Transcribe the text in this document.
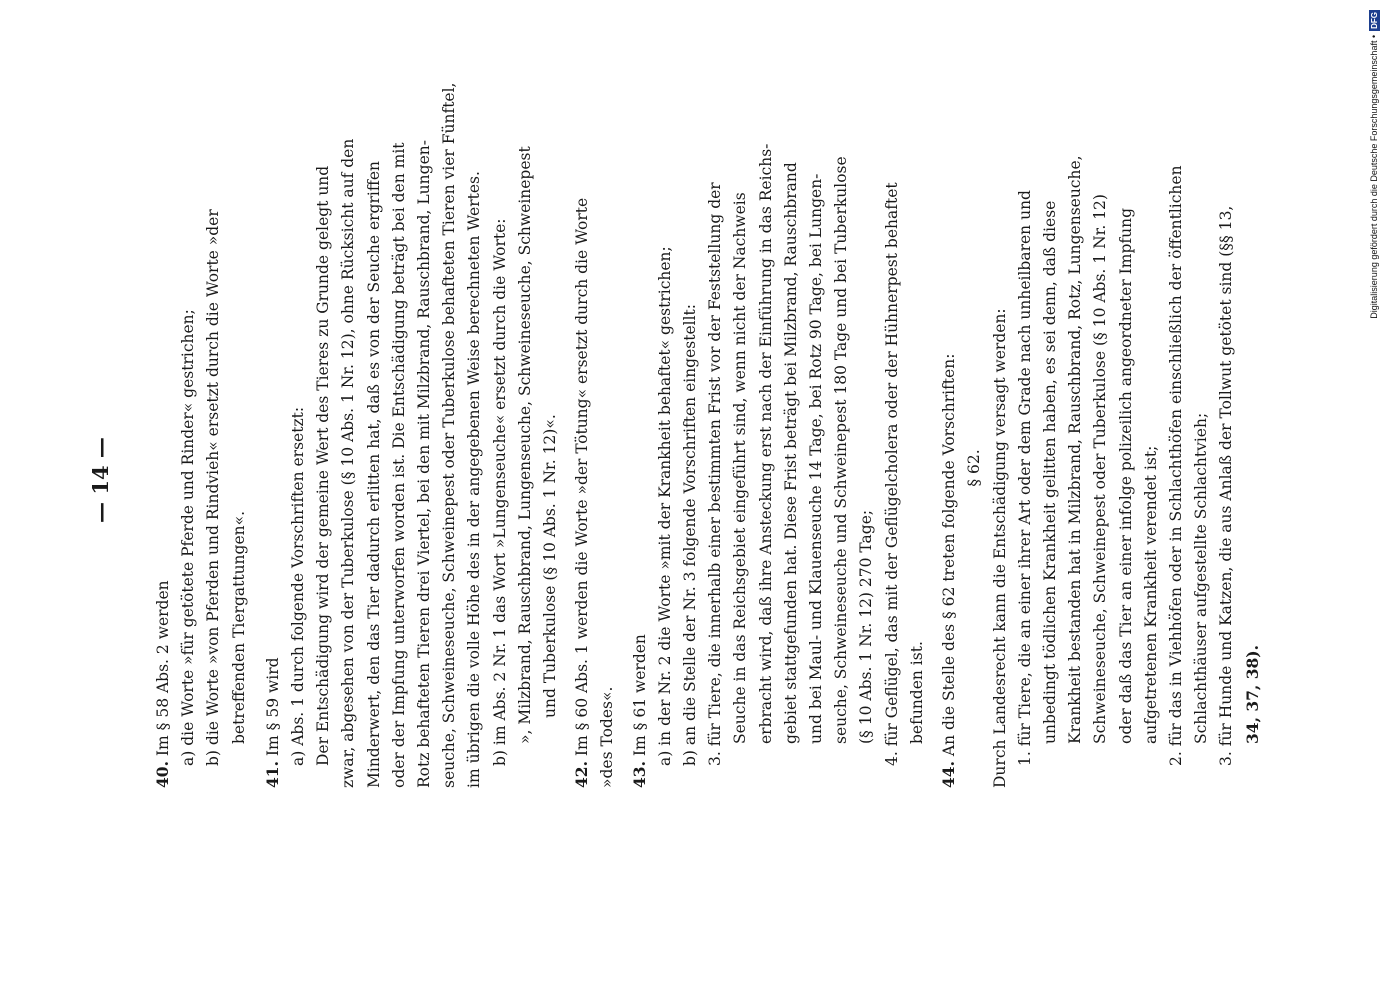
— 14 —
40. Im § 58 Abs. 2 werden a) die Worte »für getötete Pferde und Rinder« gestrichen; b) die Worte »von Pferden und Rindvieh« ersetzt durch die Worte »der betreffenden Tiergattungen«.
41. Im § 59 wird a) Abs. 1 durch folgende Vorschriften ersetzt: Der Entschädigung wird der gemeine Wert des Tieres zu Grunde gelegt und zwar, abgesehen von der Tuberkulose (§ 10 Abs. 1 Nr. 12), ohne Rücksicht auf den Minderwert, den das Tier dadurch erlitten hat, daß es von der Seuche ergriffen oder der Impfung unterworfen worden ist. Die Entschädigung beträgt bei den mit Rotz behafteten Tieren drei Viertel, bei den mit Milzbrand, Rauschbrand, Lungen- seuche, Schweineseuche, Schweinepest oder Tuberkulose behafteten Tieren vier Fünftel, im übrigen die volle Höhe des in der angegebenen Weise berechneten Wertes. b) im Abs. 2 Nr. 1 das Wort »Lungenseuche« ersetzt durch die Worte: », Milzbrand, Rauschbrand, Lungenseuche, Schweineseuche, Schweinepest und Tuberkulose (§ 10 Abs. 1 Nr. 12)«.
42. Im § 60 Abs. 1 werden die Worte »der Tötung« ersetzt durch die Worte »des Todes«. 43. Im § 61 werden a) in der Nr. 2 die Worte »mit der Krankheit behaftet« gestrichen; b) an die Stelle der Nr. 3 folgende Vorschriften eingestellt: 3. für Tiere, die innerhalb einer bestimmten Frist vor der Feststellung der Seuche in das Reichsgebiet eingeführt sind, wenn nicht der Nachweis erbracht wird, daß ihre Ansteckung erst nach der Einführung in das Reichs- gebiet stattgefunden hat. Diese Frist beträgt bei Milzbrand, Rauschbrand und bei Maul- und Klauenseuche 14 Tage, bei Rotz 90 Tage, bei Lungen- seuche, Schweineseuche und Schweinepest 180 Tage und bei Tuberkulose (§ 10 Abs. 1 Nr. 12) 270 Tage; 4. für Geflügel, das mit der Geflügelcholera oder der Hühnerpest behaftet befunden ist.
44. An die Stelle des § 62 treten folgende Vorschriften: § 62. Durch Landesrecht kann die Entschädigung versagt werden: 1. für Tiere, die an einer ihrer Art oder dem Grade nach unheilbaren und unbedingt tödlichen Krankheit gelitten haben, es sei denn, daß diese Krankheit bestanden hat in Milzbrand, Rauschbrand, Rotz, Lungenseuche, Schweineseuche, Schweinepest oder Tuberkulose (§ 10 Abs. 1 Nr. 12) oder daß das Tier an einer infolge polizeilich angeordneter Impfung aufgetretenen Krankheit verendet ist; 2. für das in Viehhöfen oder in Schlachthöfen einschließlich der öffentlichen Schlachthäuser aufgestellte Schlachtvieh; 3. für Hunde und Katzen, die aus Anlaß der Tollwut getötet sind (§§ 13, 34, 37, 38).
Digitalisierung gefördert durch die Deutsche Forschungsgemeinschaft •
DFG
